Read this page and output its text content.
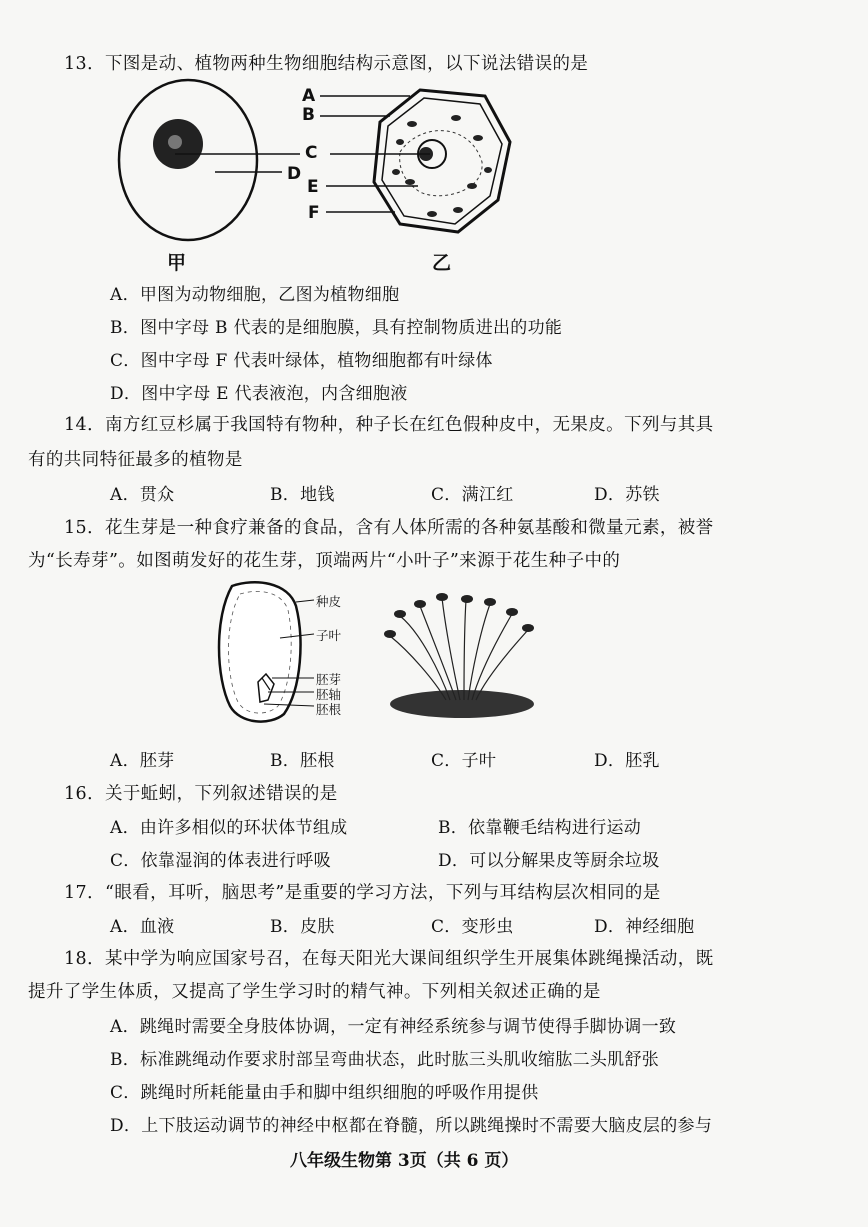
13．下图是动、植物两种生物细胞结构示意图，以下说法错误的是
A
B
C
D
E
F
甲	乙
A．甲图为动物细胞，乙图为植物细胞
B．图中字母 B 代表的是细胞膜，具有控制物质进出的功能
C．图中字母 F 代表叶绿体，植物细胞都有叶绿体
D．图中字母 E 代表液泡，内含细胞液
14．南方红豆杉属于我国特有物种，种子长在红色假种皮中，无果皮。下列与其具
有的共同特征最多的植物是
A．贯众	B．地钱	C．满江红	D．苏铁
15．花生芽是一种食疗兼备的食品，含有人体所需的各种氨基酸和微量元素，被誉
为“长寿芽”。如图萌发好的花生芽，顶端两片“小叶子”来源于花生种子中的
种皮
子叶
胚芽
胚轴
胚根
A．胚芽	B．胚根	C．子叶	D．胚乳
16．关于蚯蚓，下列叙述错误的是
A．由许多相似的环状体节组成	B．依靠鞭毛结构进行运动
C．依靠湿润的体表进行呼吸	D．可以分解果皮等厨余垃圾
17．“眼看，耳听，脑思考”是重要的学习方法，下列与耳结构层次相同的是
A．血液	B．皮肤	C．变形虫	D．神经细胞
18．某中学为响应国家号召，在每天阳光大课间组织学生开展集体跳绳操活动，既
提升了学生体质，又提高了学生学习时的精气神。下列相关叙述正确的是
A．跳绳时需要全身肢体协调，一定有神经系统参与调节使得手脚协调一致
B．标准跳绳动作要求肘部呈弯曲状态，此时肱三头肌收缩肱二头肌舒张
C．跳绳时所耗能量由手和脚中组织细胞的呼吸作用提供
D．上下肢运动调节的神经中枢都在脊髓，所以跳绳操时不需要大脑皮层的参与
八年级生物第 3页（共 6 页）
